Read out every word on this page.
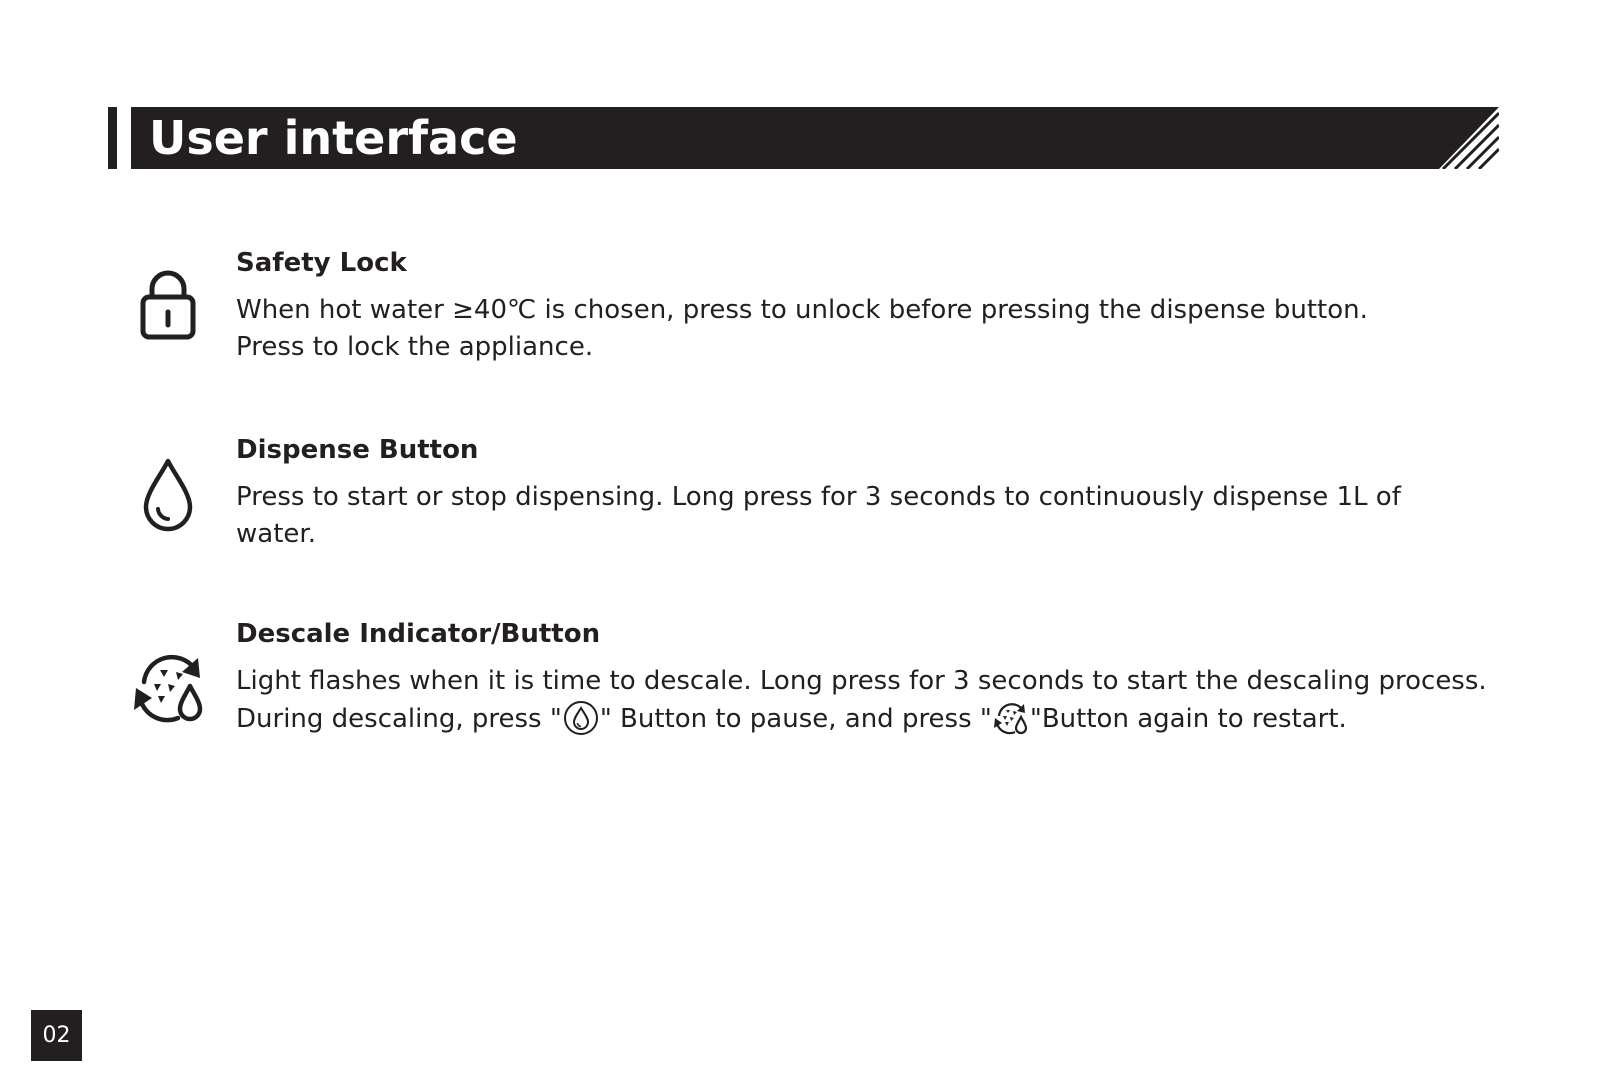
User interface
Safety Lock
When hot water ≥40℃ is chosen, press to unlock before pressing the dispense button.
Press to lock the appliance.
Dispense Button
Press to start or stop dispensing. Long press for 3 seconds to continuously dispense 1L of
water.
Descale Indicator/Button
Light flashes when it is time to descale. Long press for 3 seconds to start the descaling process.
During descaling, press " " Button to pause, and press " "Button again to restart.
02
